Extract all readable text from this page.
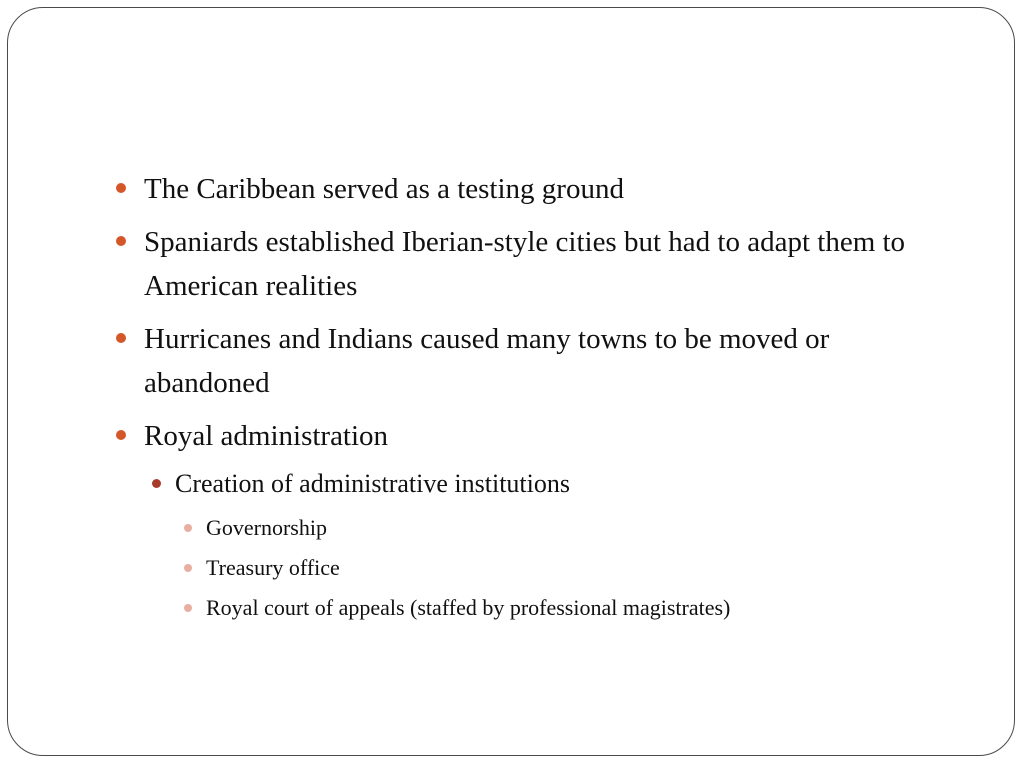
The Caribbean served as a testing ground
Spaniards established Iberian-style cities but had to adapt them to American realities
Hurricanes and Indians caused many towns to be moved or abandoned
Royal administration
Creation of administrative institutions
Governorship
Treasury office
Royal court of appeals (staffed by professional magistrates)
